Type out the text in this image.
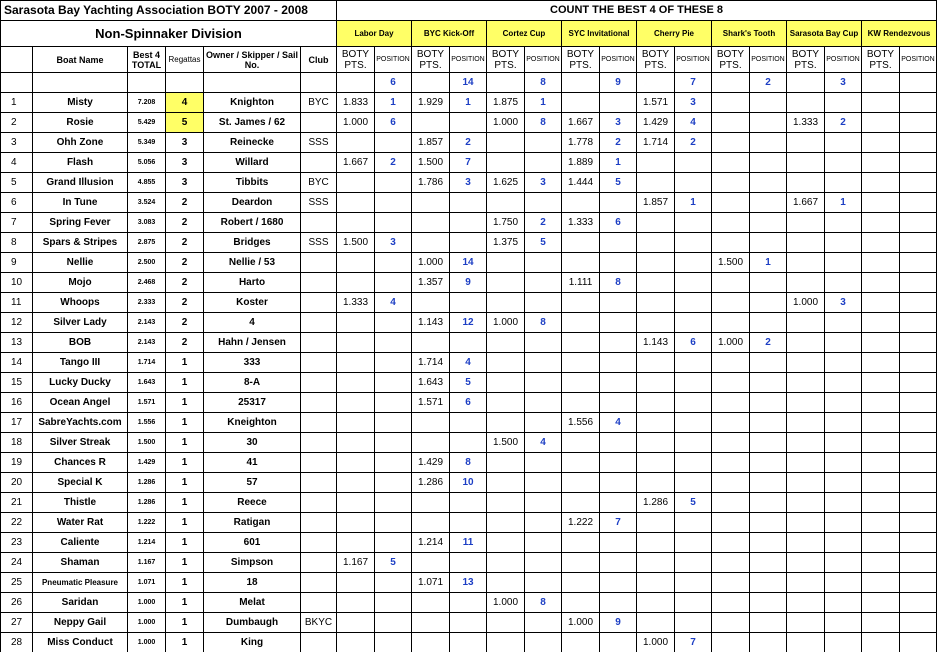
Sarasota Bay Yachting Association BOTY 2007 - 2008						COUNT THE BEST 4 OF THESE 8															
Non-Spinnaker Division						Labor Day		BYC Kick-Off		Cortez Cup		SYC Invitational		Cherry Pie		Shark's Tooth		Sarasota Bay Cup		KW Rendezvous	
	Boat Name	Best 4 TOTAL	Regattas	Owner / Skipper / Sail No.	Club	BOTY PTS.	POSITION	BOTY PTS.	POSITION	BOTY PTS.	POSITION	BOTY PTS.	POSITION	BOTY PTS.	POSITION	BOTY PTS.	POSITION	BOTY PTS.	POSITION	BOTY PTS.	POSITION
							6		14		8		9		7		2		3		
1	Misty	7.208	4	Knighton	BYC	1.833	1	1.929	1	1.875	1			1.571	3						
2	Rosie	5.429	5	St. James / 62		1.000	6			1.000	8	1.667	3	1.429	4			1.333	2		
3	Ohh Zone	5.349	3	Reinecke	SSS			1.857	2			1.778	2	1.714	2						
4	Flash	5.056	3	Willard		1.667	2	1.500	7			1.889	1								
5	Grand Illusion	4.855	3	Tibbits	BYC			1.786	3	1.625	3	1.444	5								
6	In Tune	3.524	2	Deardon	SSS									1.857	1			1.667	1		
7	Spring Fever	3.083	2	Robert / 1680						1.750	2	1.333	6								
8	Spars & Stripes	2.875	2	Bridges	SSS	1.500	3			1.375	5										
9	Nellie	2.500	2	Nellie / 53				1.000	14							1.500	1				
10	Mojo	2.468	2	Harto				1.357	9			1.111	8								
11	Whoops	2.333	2	Koster		1.333	4											1.000	3		
12	Silver Lady	2.143	2	4				1.143	12	1.000	8										
13	BOB	2.143	2	Hahn / Jensen										1.143	6	1.000	2				
14	Tango III	1.714	1	333				1.714	4												
15	Lucky Ducky	1.643	1	8-A				1.643	5												
16	Ocean Angel	1.571	1	25317				1.571	6												
17	SabreYachts.com	1.556	1	Kneighton								1.556	4								
18	Silver Streak	1.500	1	30						1.500	4										
19	Chances R	1.429	1	41				1.429	8												
20	Special K	1.286	1	57				1.286	10												
21	Thistle	1.286	1	Reece										1.286	5						
22	Water Rat	1.222	1	Ratigan								1.222	7								
23	Caliente	1.214	1	601				1.214	11												
24	Shaman	1.167	1	Simpson		1.167	5														
25	Pneumatic Pleasure	1.071	1	18				1.071	13												
26	Saridan	1.000	1	Melat						1.000	8										
27	Neppy Gail	1.000	1	Dumbaugh	BKYC							1.000	9								
28	Miss Conduct	1.000	1	King										1.000	7						
